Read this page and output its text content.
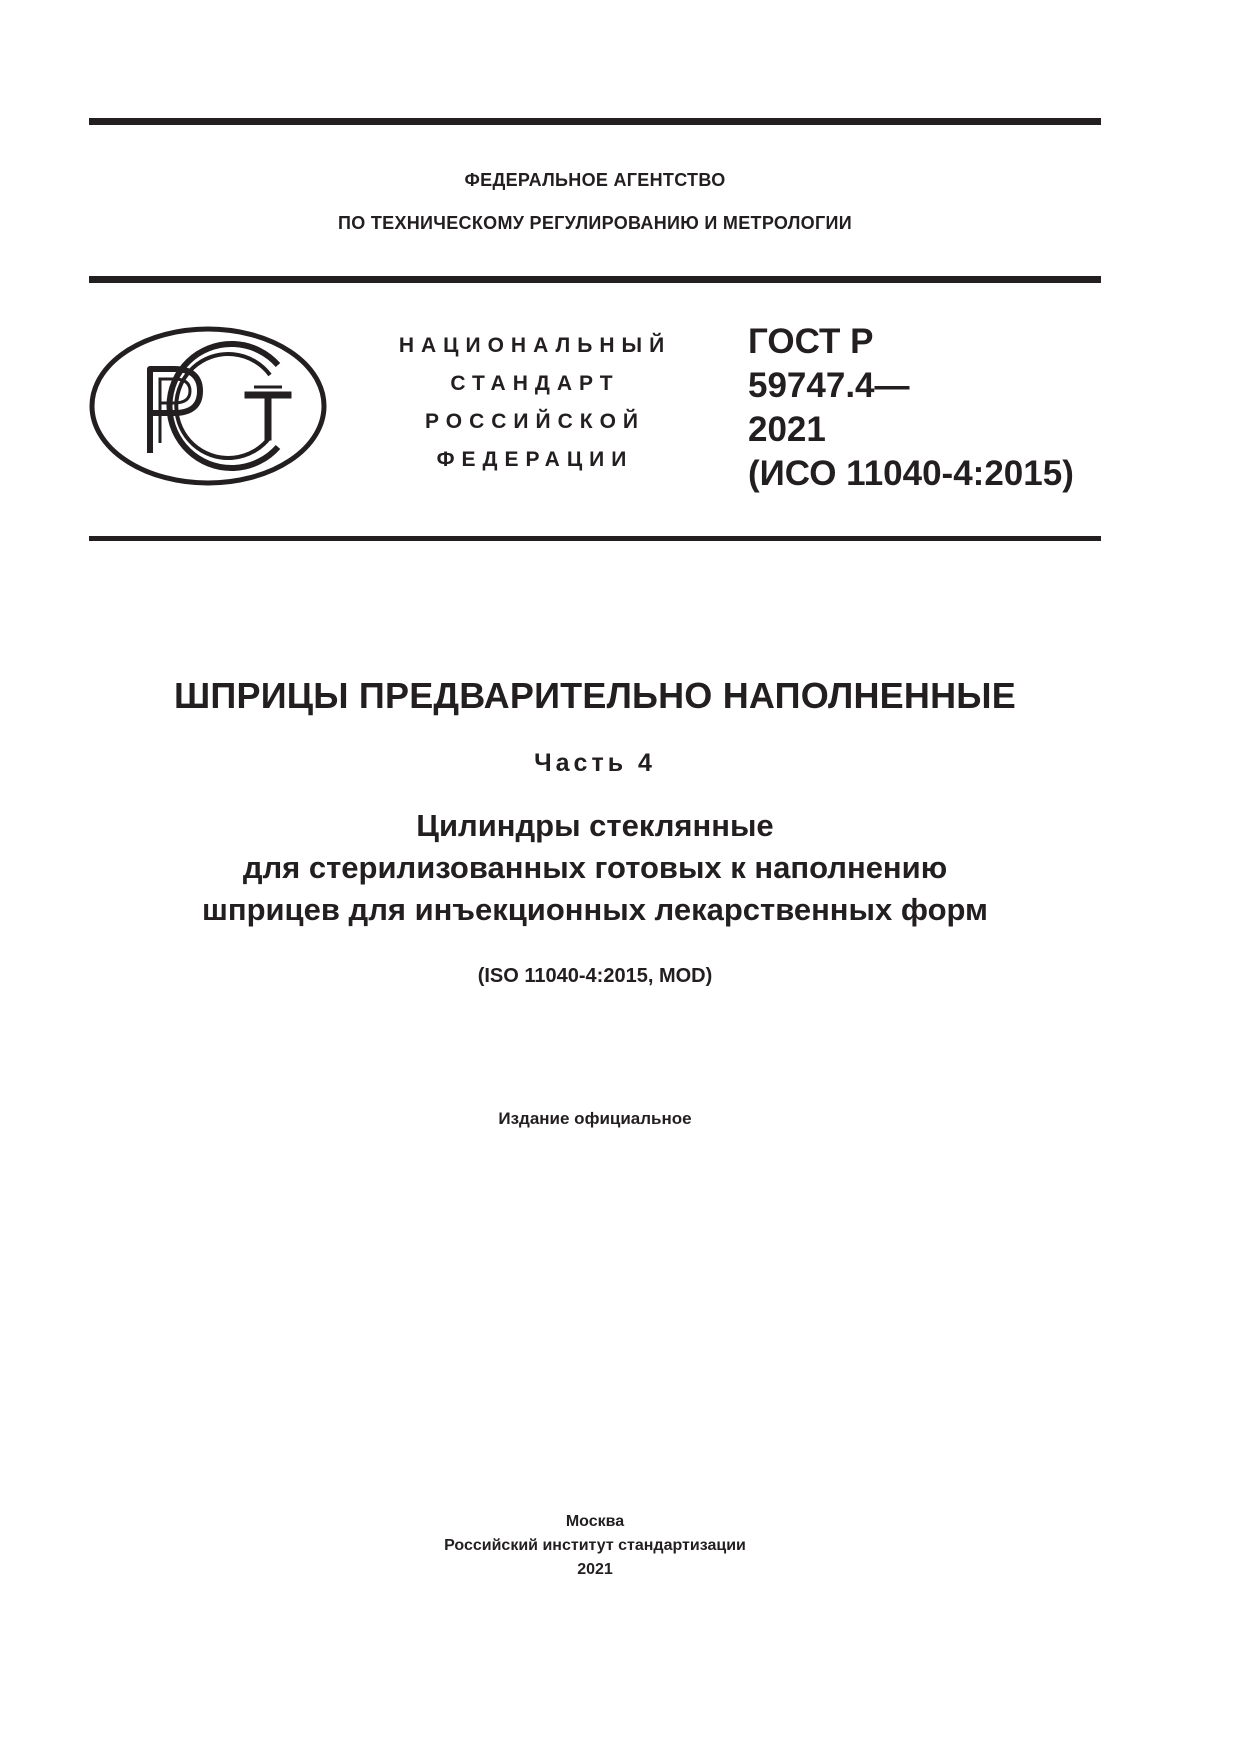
ФЕДЕРАЛЬНОЕ АГЕНТСТВО
ПО ТЕХНИЧЕСКОМУ РЕГУЛИРОВАНИЮ И МЕТРОЛОГИИ
НАЦИОНАЛЬНЫЙ
СТАНДАРТ
РОССИЙСКОЙ
ФЕДЕРАЦИИ
ГОСТ Р
59747.4—
2021
(ИСО 11040-4:2015)
ШПРИЦЫ ПРЕДВАРИТЕЛЬНО НАПОЛНЕННЫЕ
Часть 4
Цилиндры стеклянные
для стерилизованных готовых к наполнению
шприцев для инъекционных лекарственных форм
(ISO 11040-4:2015, MOD)
Издание официальное
Москва
Российский институт стандартизации
2021
